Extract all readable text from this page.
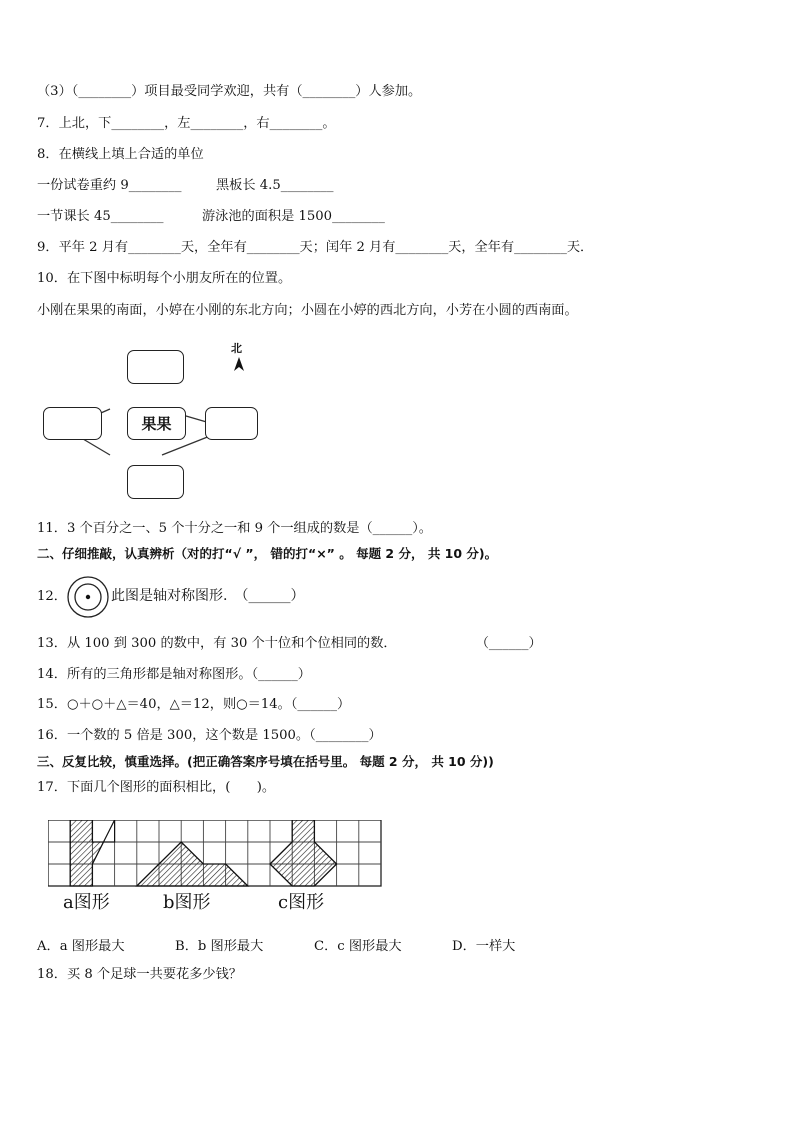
（3）（________）项目最受同学欢迎，共有（________）人参加。
7．上北，下________，左________，右________。
8．在横线上填上合适的单位
一份试卷重约 9________	黑板长 4.5________
一节课长 45________	游泳池的面积是 1500________
9．平年 2 月有________天，全年有________天；闰年 2 月有________天，全年有________天．
10．在下图中标明每个小朋友所在的位置。
小刚在果果的南面，小婷在小刚的东北方向；小圆在小婷的西北方向，小芳在小圆的西南面。
果果
北
11．3 个百分之一、5 个十分之一和 9 个一组成的数是（______）。
二、仔细推敲，认真辨析（对的打“√ ”， 错的打“×” 。 每题 2 分， 共 10 分)。
12．	此图是轴对称图形.　（______）
13．从 100 到 300 的数中，有 30 个十位和个位相同的数．　　　　　　　（______）
14．所有的三角形都是轴对称图形。（______）
15．○＋○＋△＝40，△＝12，则○＝14。（______）
16．一个数的 5 倍是 300，这个数是 1500。（________）
三、反复比较，慎重选择。(把正确答案序号填在括号里。 每题 2 分， 共 10 分))
17．下面几个图形的面积相比，(　　)。
a图形	b图形	c图形
A．a 图形最大	B．b 图形最大	C．c 图形最大	D．一样大
18．买 8 个足球一共要花多少钱？
